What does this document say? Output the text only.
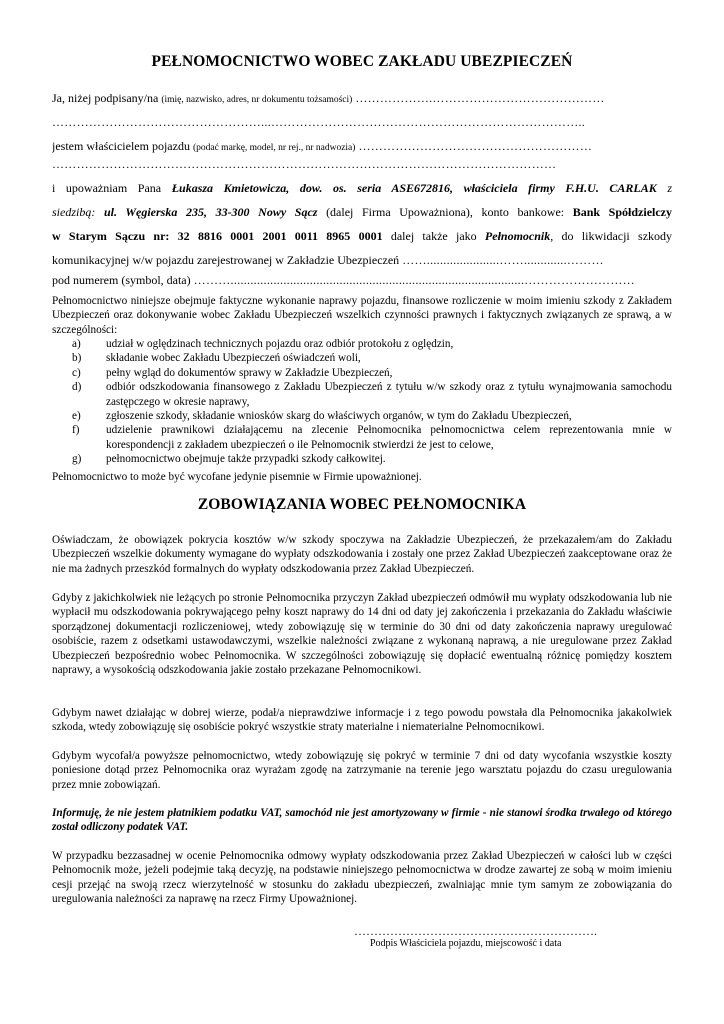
PEŁNOMOCNICTWO WOBEC ZAKŁADU UBEZPIECZEŃ
Ja, niżej podpisany/na (imię, nazwisko, adres, nr dokumentu tożsamości) ……………….……………………………………
……………………………………………...…………………………………………………………………..
jestem właścicielem pojazdu (podać markę, model, nr rej., nr nadwozia) …………………………………………………
……………………………………………………………………………………………………………
i upoważniam Pana Łukasza Kmietowicza, dow. os. seria ASE672816, właściciela firmy F.H.U. CARLAK z
siedzibą: ul. Węgierska 235, 33-300 Nowy Sącz (dalej Firma Upoważniona), konto bankowe: Bank Spółdzielczy
w Starym Sączu nr: 32 8816 0001 2001 0011 8965 0001 dalej także jako Pełnomocnik, do likwidacji szkody
komunikacyjnej w/w pojazdu zarejestrowanej w Zakładzie Ubezpieczeń ……......................…….............………
pod numerem (symbol, data) ……….........................................................................................………………………
Pełnomocnictwo niniejsze obejmuje faktyczne wykonanie naprawy pojazdu, finansowe rozliczenie w moim imieniu szkody z Zakładem Ubezpieczeń oraz dokonywanie wobec Zakładu Ubezpieczeń wszelkich czynności prawnych i faktycznych związanych ze sprawą, a w szczególności:
a)	udział w oględzinach technicznych pojazdu oraz odbiór protokołu z oględzin,
b)	składanie wobec Zakładu Ubezpieczeń oświadczeń woli,
c)	pełny wgląd do dokumentów sprawy w Zakładzie Ubezpieczeń,
d)	odbiór odszkodowania finansowego z Zakładu Ubezpieczeń z tytułu w/w szkody oraz z tytułu wynajmowania samochodu zastępczego w okresie naprawy,
e)	zgłoszenie szkody, składanie wniosków skarg do właściwych organów, w tym do Zakładu Ubezpieczeń,
f)	udzielenie prawnikowi działającemu na zlecenie Pełnomocnika pełnomocnictwa celem reprezentowania mnie w korespondencji z zakładem ubezpieczeń o ile Pełnomocnik stwierdzi że jest to celowe,
g)	pełnomocnictwo obejmuje także przypadki szkody całkowitej.
Pełnomocnictwo to może być wycofane jedynie pisemnie w Firmie upoważnionej.
ZOBOWIĄZANIA WOBEC PEŁNOMOCNIKA
Oświadczam, że obowiązek pokrycia kosztów w/w szkody spoczywa na Zakładzie Ubezpieczeń, że przekazałem/am do Zakładu Ubezpieczeń wszelkie dokumenty wymagane do wypłaty odszkodowania i zostały one przez Zakład Ubezpieczeń zaakceptowane oraz że nie ma żadnych przeszkód formalnych do wypłaty odszkodowania przez Zakład Ubezpieczeń.
Gdyby z jakichkolwiek nie leżących po stronie Pełnomocnika przyczyn Zakład ubezpieczeń odmówił mu wypłaty odszkodowania lub nie wypłacił mu odszkodowania pokrywającego pełny koszt naprawy do 14 dni od daty jej zakończenia i przekazania do Zakładu właściwie sporządzonej dokumentacji rozliczeniowej, wtedy zobowiązuję się w terminie do 30 dni od daty zakończenia naprawy uregulować osobiście, razem z odsetkami ustawodawczymi, wszelkie należności związane z wykonaną naprawą, a nie uregulowane przez Zakład Ubezpieczeń bezpośrednio wobec Pełnomocnika. W szczególności zobowiązuję się dopłacić ewentualną różnicę pomiędzy kosztem naprawy, a wysokością odszkodowania jakie zostało przekazane Pełnomocnikowi.
Gdybym nawet działając w dobrej wierze, podał/a nieprawdziwe informacje i z tego powodu powstała dla Pełnomocnika jakakolwiek szkoda, wtedy zobowiązuję się osobiście pokryć wszystkie straty materialne i niematerialne Pełnomocnikowi.
Gdybym wycofał/a powyższe pełnomocnictwo, wtedy zobowiązuję się pokryć w terminie 7 dni od daty wycofania wszystkie koszty poniesione dotąd przez Pełnomocnika oraz wyrażam zgodę na zatrzymanie na terenie jego warsztatu pojazdu do czasu uregulowania przez mnie zobowiązań.
Informuję, że nie jestem płatnikiem podatku VAT, samochód nie jest amortyzowany w firmie - nie stanowi środka trwałego od którego został odliczony podatek VAT.
W przypadku bezzasadnej w ocenie Pełnomocnika odmowy wypłaty odszkodowania przez Zakład Ubezpieczeń w całości lub w części Pełnomocnik może, jeżeli podejmie taką decyzję, na podstawie niniejszego pełnomocnictwa w drodze zawartej ze sobą w moim imieniu cesji przejąć na swoją rzecz wierzytelność w stosunku do zakładu ubezpieczeń, zwalniając mnie tym samym ze zobowiązania do uregulowania należności za naprawę na rzecz Firmy Upoważnionej.
…………………………………………………….
Podpis Właściciela pojazdu, miejscowość i data
